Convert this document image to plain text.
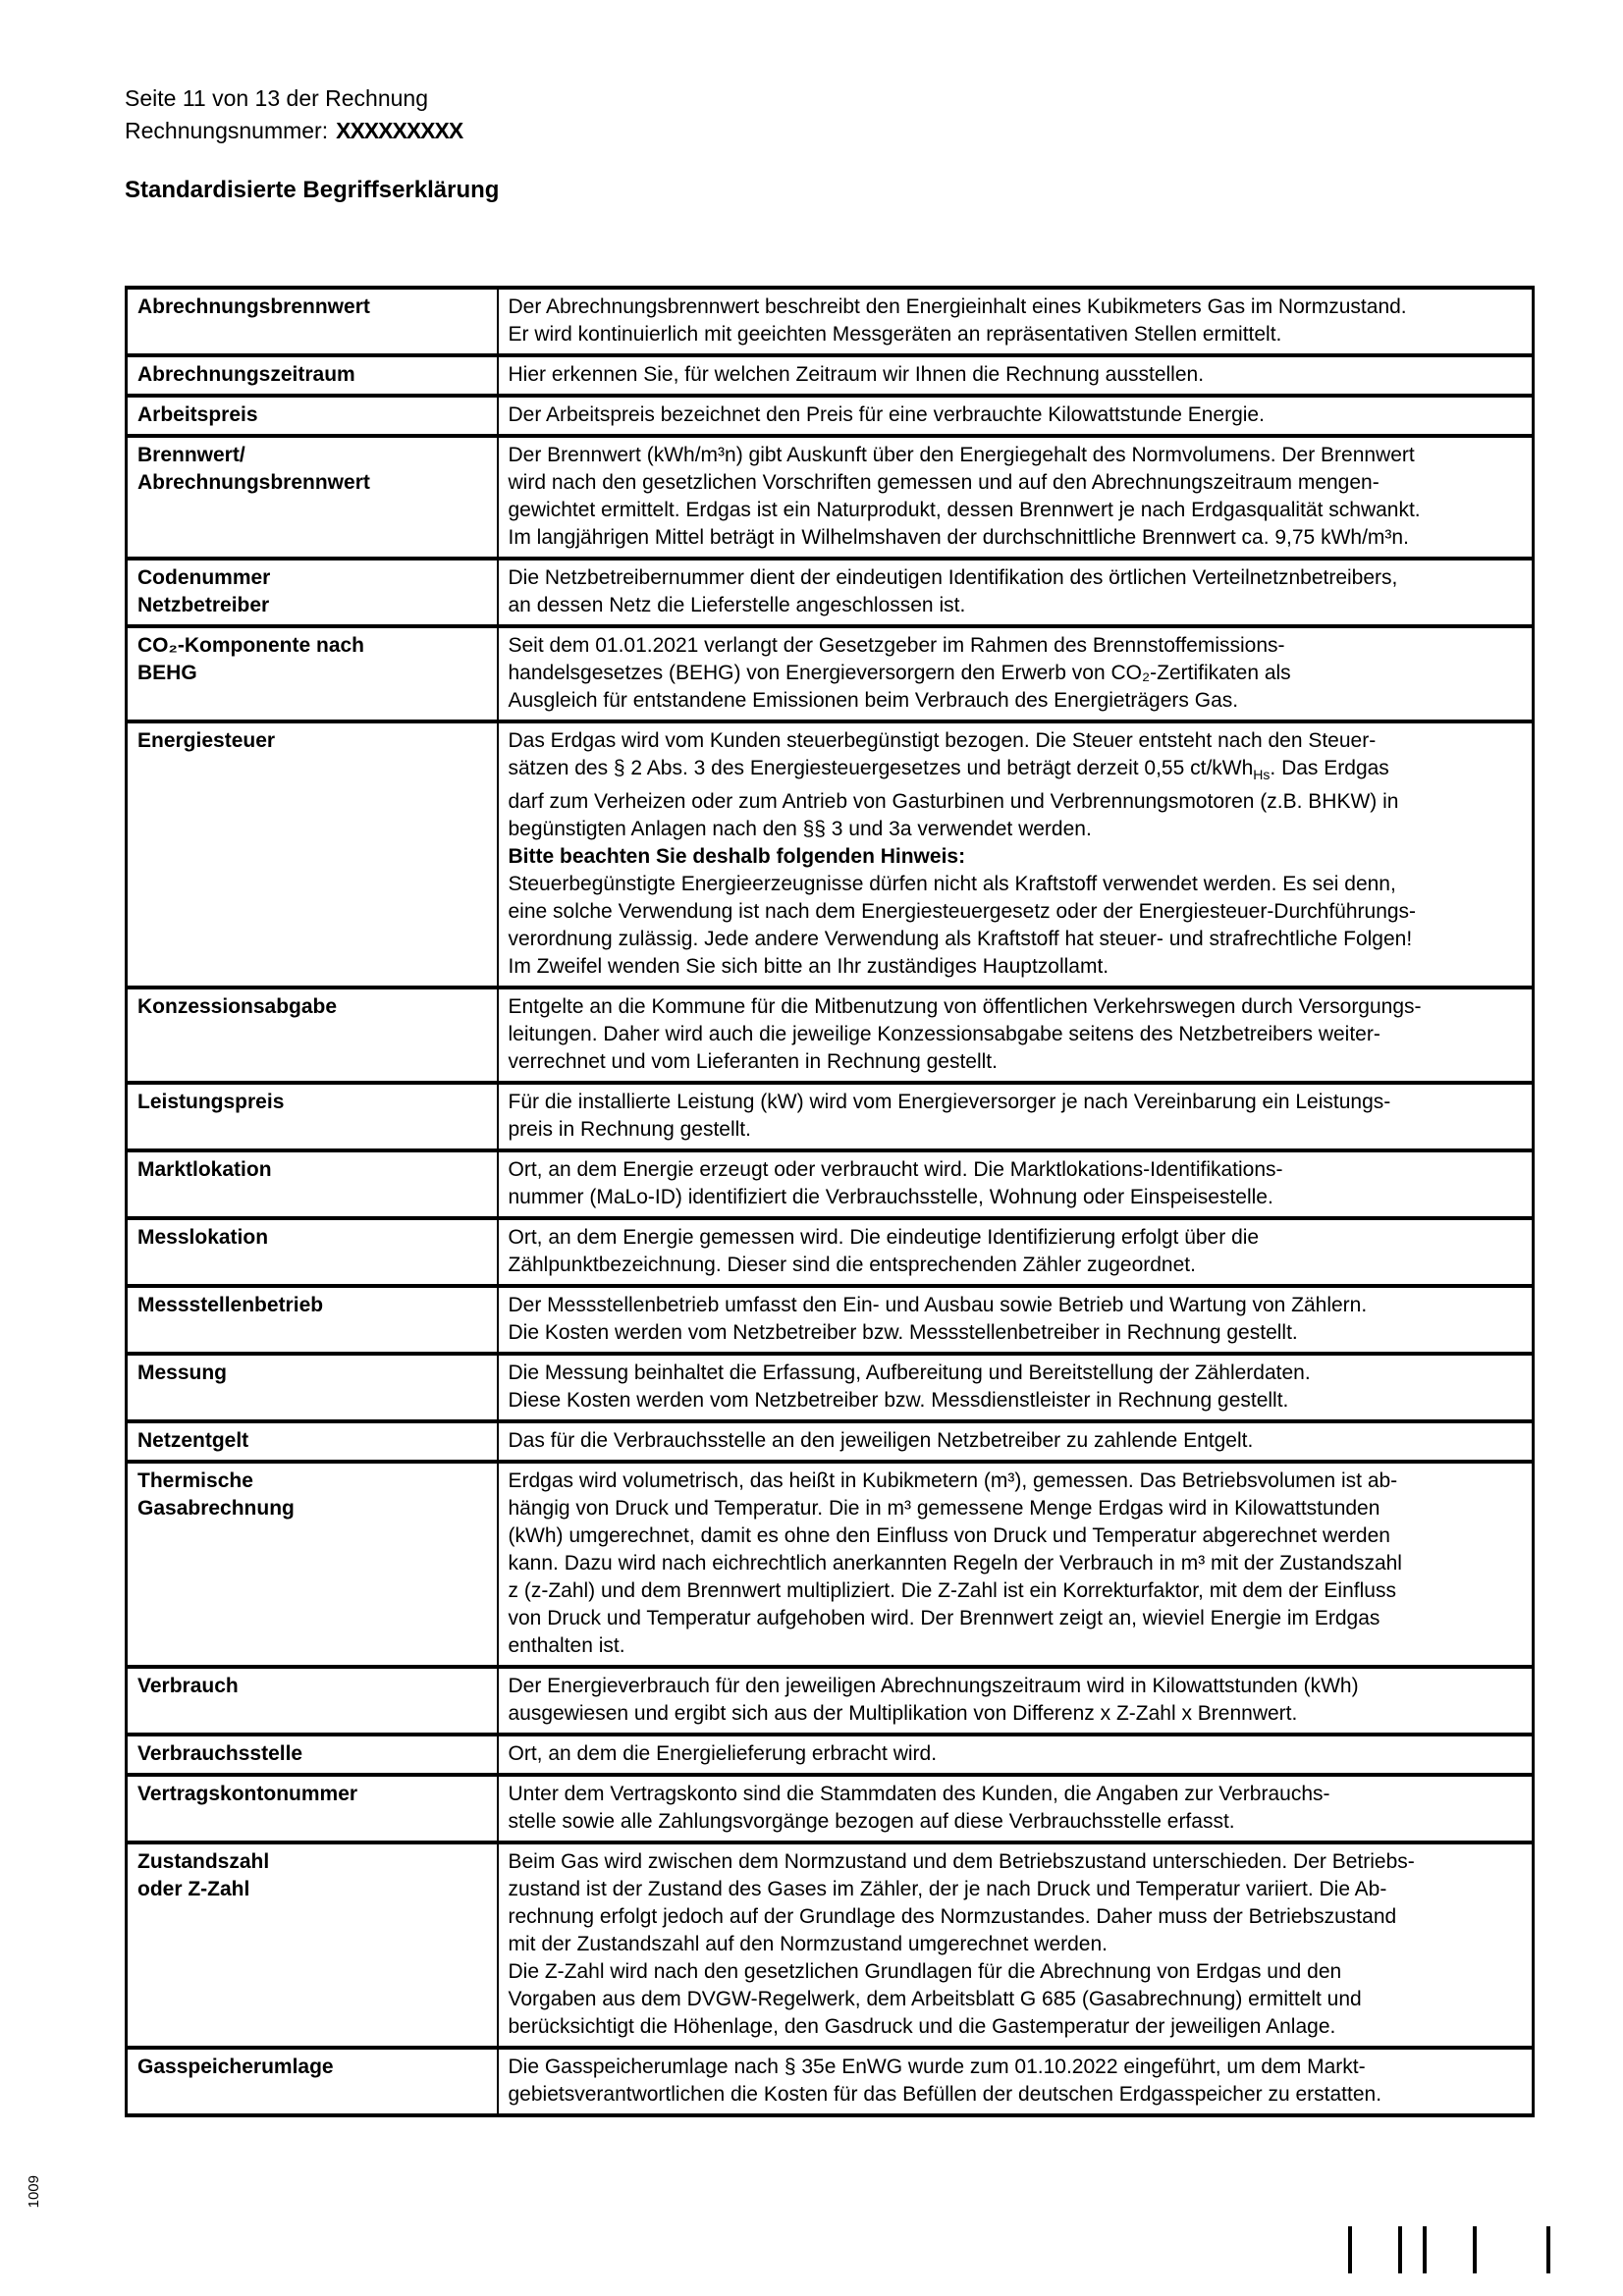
Seite 11 von 13 der Rechnung
Rechnungsnummer: XXXXXXXXX
Standardisierte Begriffserklärung
Abrechnungsbrennwert	Der Abrechnungsbrennwert beschreibt den Energieinhalt eines Kubikmeters Gas im Normzustand.
Er wird kontinuierlich mit geeichten Messgeräten an repräsentativen Stellen ermittelt.
Abrechnungszeitraum	Hier erkennen Sie, für welchen Zeitraum wir Ihnen die Rechnung ausstellen.
Arbeitspreis	Der Arbeitspreis bezeichnet den Preis für eine verbrauchte Kilowattstunde Energie.
Brennwert/
Abrechnungsbrennwert	Der Brennwert (kWh/m³n) gibt Auskunft über den Energiegehalt des Normvolumens. Der Brennwert
wird nach den gesetzlichen Vorschriften gemessen und auf den Abrechnungszeitraum mengen-
gewichtet ermittelt. Erdgas ist ein Naturprodukt, dessen Brennwert je nach Erdgasqualität schwankt.
Im langjährigen Mittel beträgt in Wilhelmshaven der durchschnittliche Brennwert ca. 9,75 kWh/m³n.
Codenummer
Netzbetreiber	Die Netzbetreibernummer dient der eindeutigen Identifikation des örtlichen Verteilnetznbetreibers,
an dessen Netz die Lieferstelle angeschlossen ist.
CO₂-Komponente nach
BEHG	Seit dem 01.01.2021 verlangt der Gesetzgeber im Rahmen des Brennstoffemissions-
handelsgesetzes (BEHG) von Energieversorgern den Erwerb von CO₂-Zertifikaten als
Ausgleich für entstandene Emissionen beim Verbrauch des Energieträgers Gas.
Energiesteuer	Das Erdgas wird vom Kunden steuerbegünstigt bezogen. Die Steuer entsteht nach den Steuer-
sätzen des § 2 Abs. 3 des Energiesteuergesetzes und beträgt derzeit 0,55 ct/kWh$_{Hs}$. Das Erdgas
darf zum Verheizen oder zum Antrieb von Gasturbinen und Verbrennungsmotoren (z.B. BHKW) in
begünstigten Anlagen nach den §§ 3 und 3a verwendet werden.
Bitte beachten Sie deshalb folgenden Hinweis:
Steuerbegünstigte Energieerzeugnisse dürfen nicht als Kraftstoff verwendet werden. Es sei denn,
eine solche Verwendung ist nach dem Energiesteuergesetz oder der Energiesteuer-Durchführungs-
verordnung zulässig. Jede andere Verwendung als Kraftstoff hat steuer- und strafrechtliche Folgen!
Im Zweifel wenden Sie sich bitte an Ihr zuständiges Hauptzollamt.
Konzessionsabgabe	Entgelte an die Kommune für die Mitbenutzung von öffentlichen Verkehrswegen durch Versorgungs-
leitungen. Daher wird auch die jeweilige Konzessionsabgabe seitens des Netzbetreibers weiter-
verrechnet und vom Lieferanten in Rechnung gestellt.
Leistungspreis	Für die installierte Leistung (kW) wird vom Energieversorger je nach Vereinbarung ein Leistungs-
preis in Rechnung gestellt.
Marktlokation	Ort, an dem Energie erzeugt oder verbraucht wird. Die Marktlokations-Identifikations-
nummer (MaLo-ID) identifiziert die Verbrauchsstelle, Wohnung oder Einspeisestelle.
Messlokation	Ort, an dem Energie gemessen wird. Die eindeutige Identifizierung erfolgt über die
Zählpunktbezeichnung. Dieser sind die entsprechenden Zähler zugeordnet.
Messstellenbetrieb	Der Messstellenbetrieb umfasst den Ein- und Ausbau sowie Betrieb und Wartung von Zählern.
Die Kosten werden vom Netzbetreiber bzw. Messstellenbetreiber in Rechnung gestellt.
Messung	Die Messung beinhaltet die Erfassung, Aufbereitung und Bereitstellung der Zählerdaten.
Diese Kosten werden vom Netzbetreiber bzw. Messdienstleister in Rechnung gestellt.
Netzentgelt	Das für die Verbrauchsstelle an den jeweiligen Netzbetreiber zu zahlende Entgelt.
Thermische
Gasabrechnung	Erdgas wird volumetrisch, das heißt in Kubikmetern (m³), gemessen. Das Betriebsvolumen ist ab-
hängig von Druck und Temperatur. Die in m³ gemessene Menge Erdgas wird in Kilowattstunden
(kWh) umgerechnet, damit es ohne den Einfluss von Druck und Temperatur abgerechnet werden
kann. Dazu wird nach eichrechtlich anerkannten Regeln der Verbrauch in m³ mit der Zustandszahl
z (z-Zahl) und dem Brennwert multipliziert. Die Z-Zahl ist ein Korrekturfaktor, mit dem der Einfluss
von Druck und Temperatur aufgehoben wird. Der Brennwert zeigt an, wieviel Energie im Erdgas
enthalten ist.
Verbrauch	Der Energieverbrauch für den jeweiligen Abrechnungszeitraum wird in Kilowattstunden (kWh)
ausgewiesen und ergibt sich aus der Multiplikation von Differenz x Z-Zahl x Brennwert.
Verbrauchsstelle	Ort, an dem die Energielieferung erbracht wird.
Vertragskontonummer	Unter dem Vertragskonto sind die Stammdaten des Kunden, die Angaben zur Verbrauchs-
stelle sowie alle Zahlungsvorgänge bezogen auf diese Verbrauchsstelle erfasst.
Zustandszahl
oder Z-Zahl	Beim Gas wird zwischen dem Normzustand und dem Betriebszustand unterschieden. Der Betriebs-
zustand ist der Zustand des Gases im Zähler, der je nach Druck und Temperatur variiert. Die Ab-
rechnung erfolgt jedoch auf der Grundlage des Normzustandes. Daher muss der Betriebszustand
mit der Zustandszahl auf den Normzustand umgerechnet werden.
Die Z-Zahl wird nach den gesetzlichen Grundlagen für die Abrechnung von Erdgas und den
Vorgaben aus dem DVGW-Regelwerk, dem Arbeitsblatt G 685 (Gasabrechnung) ermittelt und
berücksichtigt die Höhenlage, den Gasdruck und die Gastemperatur der jeweiligen Anlage.
Gasspeicherumlage	Die Gasspeicherumlage nach § 35e EnWG wurde zum 01.10.2022 eingeführt, um dem Markt-
gebietsverantwortlichen die Kosten für das Befüllen der deutschen Erdgasspeicher zu erstatten.
1009
